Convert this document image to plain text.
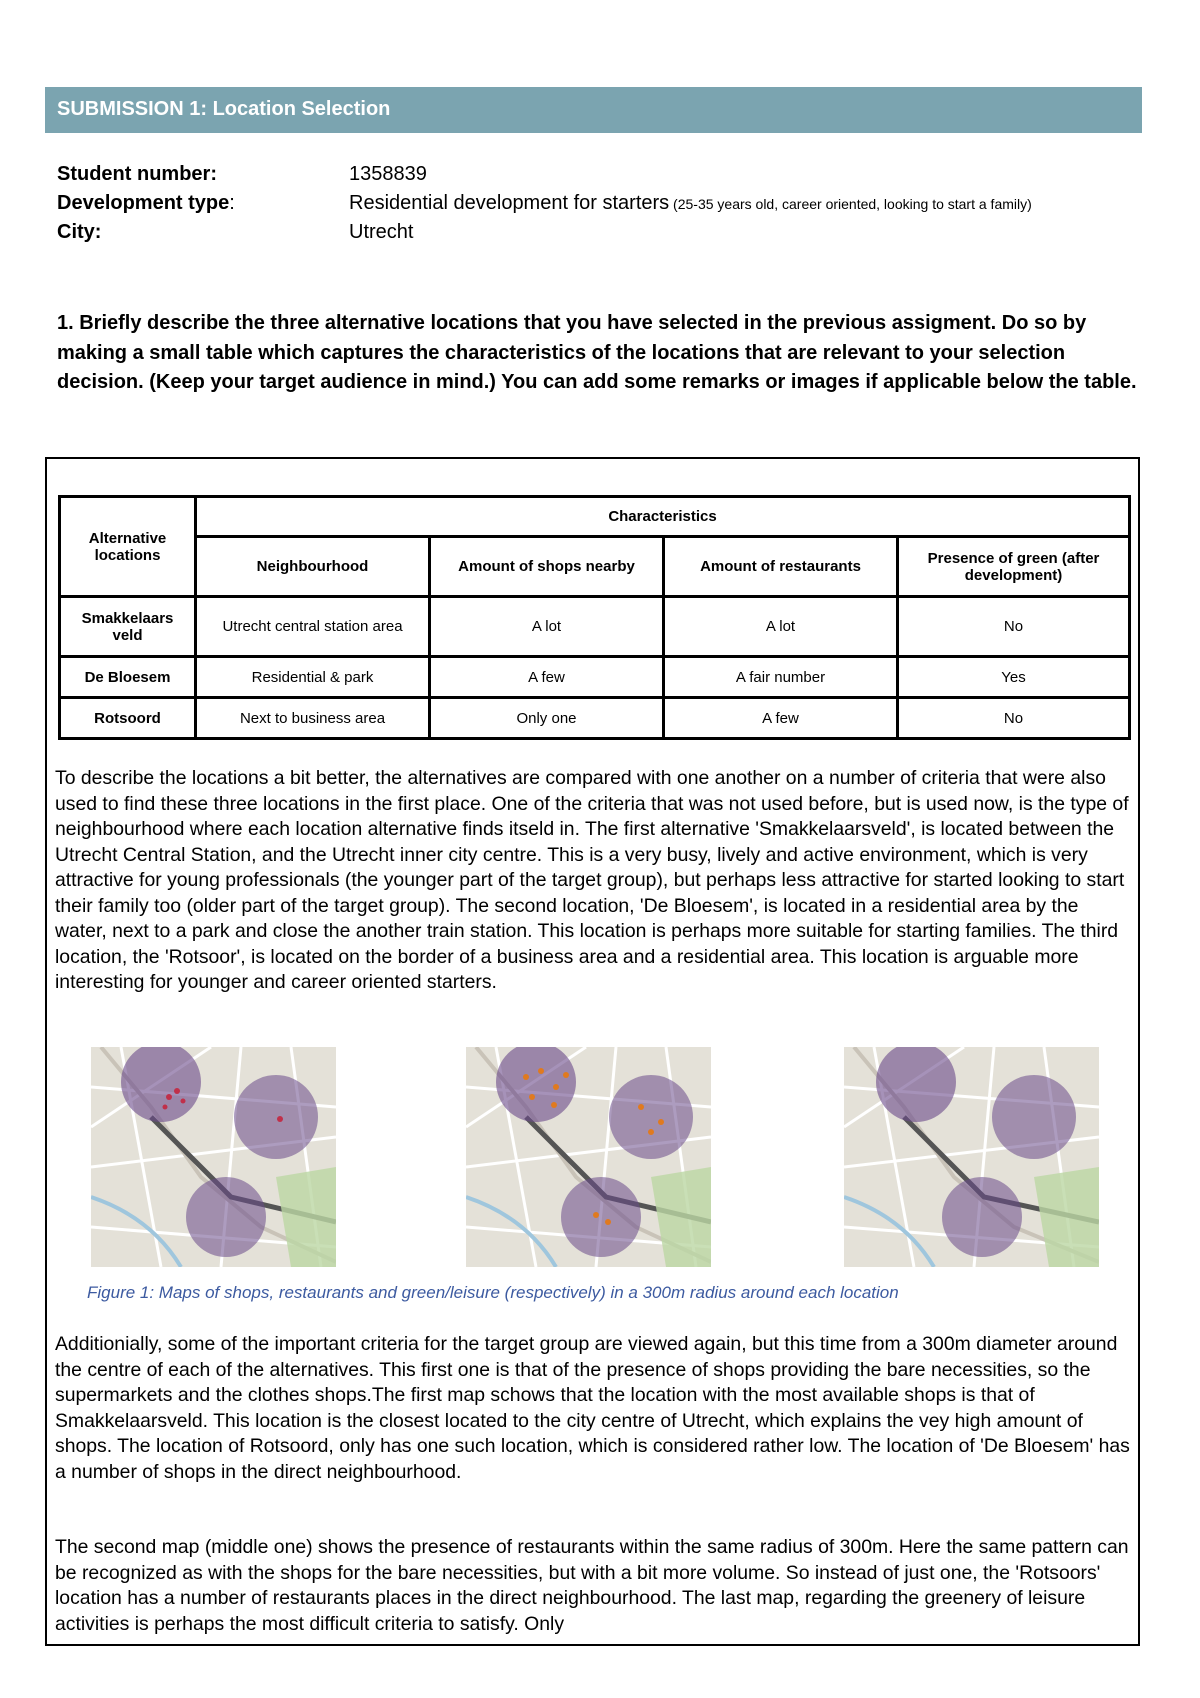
SUBMISSION 1: Location Selection
Student number:	1358839
Development type:	Residential development for starters (25-35 years old, career oriented, looking to start a family)
City:	Utrecht
1. Briefly describe the three alternative locations that you have selected in the previous assigment. Do so by making a small table which captures the characteristics of the locations that are relevant to your selection decision. (Keep your target audience in mind.) You can add some remarks or images if applicable below the table.
Alternative locations	Characteristics			
	Neighbourhood	Amount of shops nearby	Amount of restaurants	Presence of green (after development)
Smakkelaars veld	Utrecht central station area	A lot	A lot	No
De Bloesem	Residential & park	A few	A fair number	Yes
Rotsoord	Next to business area	Only one	A few	No
To describe the locations a bit better, the alternatives are compared with one another on a number of criteria that were also used to find these three locations in the first place. One of the criteria that was not used before, but is used now, is the type of neighbourhood where each location alternative finds itseld in. The first alternative 'Smakkelaarsveld', is located between the Utrecht Central Station, and the Utrecht inner city centre. This is a very busy, lively and active environment, which is very attractive for young professionals (the younger part of the target group), but perhaps less attractive for started looking to start their family too (older part of the target group). The second location, 'De Bloesem', is located in a residential area by the water, next to a park and close the another train station. This location is perhaps more suitable for starting families. The third location, the 'Rotsoor', is located on the border of a business area and a residential area. This location is arguable more interesting for younger and career oriented starters.
Figure 1: Maps of shops, restaurants and green/leisure (respectively) in a 300m radius around each location
Additionially, some of the important criteria for the target group are viewed again, but this time from a 300m diameter around the centre of each of the alternatives. This first one is that of the presence of shops providing the bare necessities, so the supermarkets and the clothes shops.The first map schows that the location with the most available shops is that of Smakkelaarsveld. This location is the closest located to the city centre of Utrecht, which explains the vey high amount of shops. The location of Rotsoord, only has one such location, which is considered rather low. The location of 'De Bloesem' has a number of shops in the direct neighbourhood.
The second map (middle one) shows the presence of restaurants within the same radius of 300m. Here the same pattern can be recognized as with the shops for the bare necessities, but with a bit more volume. So instead of just one, the 'Rotsoors' location has a number of restaurants places in the direct neighbourhood. The last map, regarding the greenery of leisure activities is perhaps the most difficult criteria to satisfy. Only
